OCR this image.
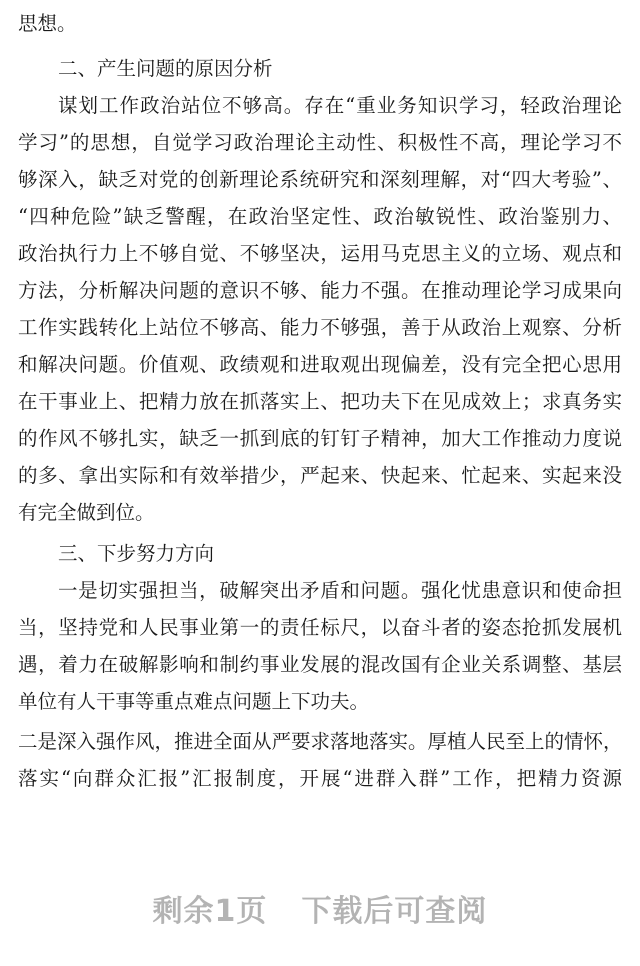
思想。
二、产生问题的原因分析
谋划工作政治站位不够高。存在“重业务知识学习，轻政治理论
学习”的思想，自觉学习政治理论主动性、积极性不高，理论学习不
够深入，缺乏对党的创新理论系统研究和深刻理解，对“四大考验”、
“四种危险”缺乏警醒，在政治坚定性、政治敏锐性、政治鉴别力、
政治执行力上不够自觉、不够坚决，运用马克思主义的立场、观点和
方法，分析解决问题的意识不够、能力不强。在推动理论学习成果向
工作实践转化上站位不够高、能力不够强，善于从政治上观察、分析
和解决问题。价值观、政绩观和进取观出现偏差，没有完全把心思用
在干事业上、把精力放在抓落实上、把功夫下在见成效上；求真务实
的作风不够扎实，缺乏一抓到底的钉钉子精神，加大工作推动力度说
的多、拿出实际和有效举措少，严起来、快起来、忙起来、实起来没
有完全做到位。
三、下步努力方向
一是切实强担当，破解突出矛盾和问题。强化忧患意识和使命担
当，坚持党和人民事业第一的责任标尺，以奋斗者的姿态抢抓发展机
遇，着力在破解影响和制约事业发展的混改国有企业关系调整、基层
单位有人干事等重点难点问题上下功夫。
二是深入强作风，推进全面从严要求落地落实。厚植人民至上的情怀，
落实“向群众汇报”汇报制度，开展“进群入群”工作，把精力资源
剩余1页 下载后可查阅
